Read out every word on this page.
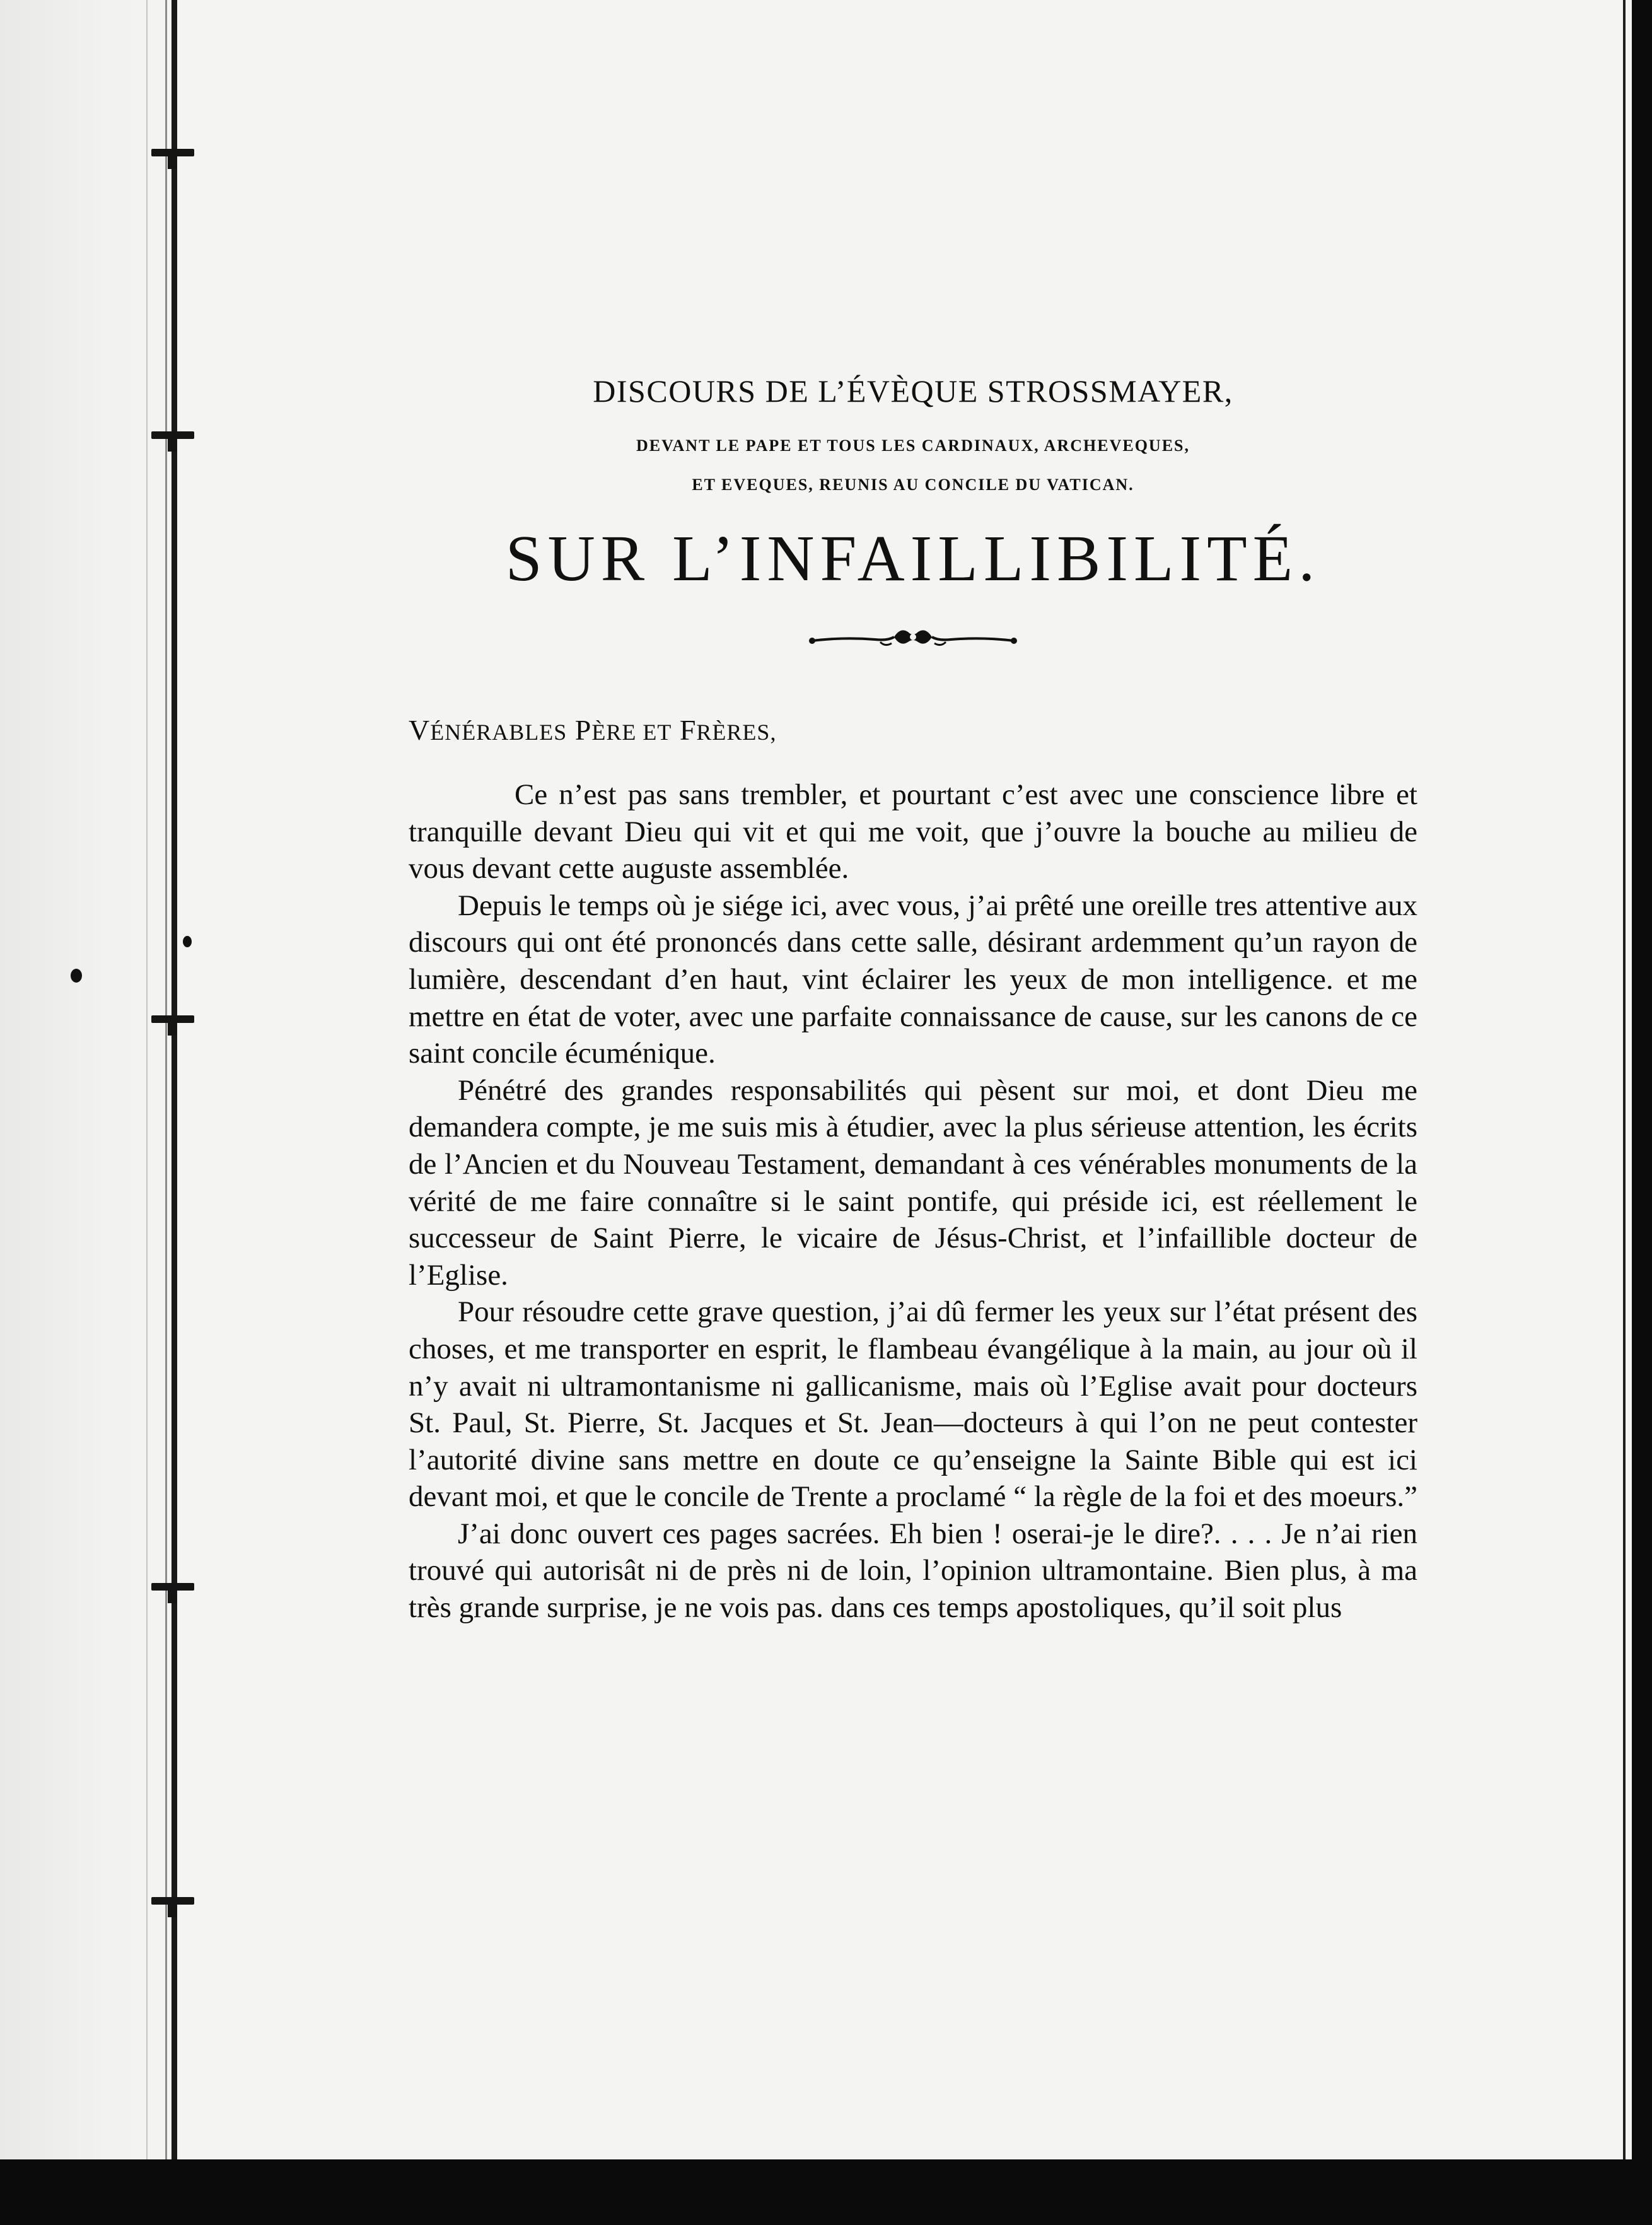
DISCOURS DE L’ÉVÈQUE STROSSMAYER,
DEVANT LE PAPE ET TOUS LES CARDINAUX, ARCHEVEQUES,
ET EVEQUES, REUNIS AU CONCILE DU VATICAN.
SUR L’INFAILLIBILITÉ.
VÉNÉRABLES PÈRE ET FRÈRES,

Ce n’est pas sans trembler, et pourtant c’est avec une conscience libre et tranquille devant Dieu qui vit et qui me voit, que j’ouvre la bouche au milieu de vous devant cette auguste assemblée.

Depuis le temps où je siége ici, avec vous, j’ai prêté une oreille tres attentive aux discours qui ont été prononcés dans cette salle, désirant ardemment qu’un rayon de lumière, descendant d’en haut, vint éclairer les yeux de mon intelligence. et me mettre en état de voter, avec une parfaite connaissance de cause, sur les canons de ce saint concile écuménique.

Pénétré des grandes responsabilités qui pèsent sur moi, et dont Dieu me demandera compte, je me suis mis à étudier, avec la plus sérieuse attention, les écrits de l’Ancien et du Nouveau Testament, demandant à ces vénérables monuments de la vérité de me faire connaître si le saint pontife, qui préside ici, est réellement le successeur de Saint Pierre, le vicaire de Jésus-Christ, et l’infaillible docteur de l’Eglise.

Pour résoudre cette grave question, j’ai dû fermer les yeux sur l’état présent des choses, et me transporter en esprit, le flambeau évangélique à la main, au jour où il n’y avait ni ultramontanisme ni gallicanisme, mais où l’Eglise avait pour docteurs St. Paul, St. Pierre, St. Jacques et St. Jean—docteurs à qui l’on ne peut contester l’autorité divine sans mettre en doute ce qu’enseigne la Sainte Bible qui est ici devant moi, et que le concile de Trente a proclamé “ la règle de la foi et des moeurs.”

J’ai donc ouvert ces pages sacrées. Eh bien ! oserai-je le dire?. . . . Je n’ai rien trouvé qui autorisât ni de près ni de loin, l’opinion ultramontaine. Bien plus, à ma très grande surprise, je ne vois pas. dans ces temps apostoliques, qu’il soit plus
